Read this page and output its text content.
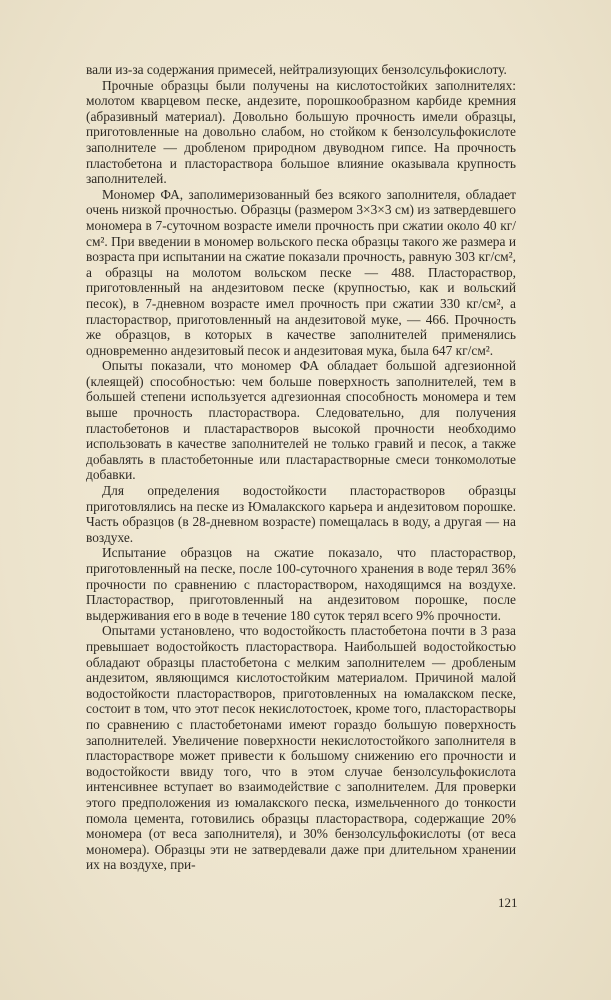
вали из-за содержания примесей, нейтрализующих бензолсульфокислоту.

Прочные образцы были получены на кислотостойких заполнителях: молотом кварцевом песке, андезите, порошкообразном карбиде кремния (абразивный материал). Довольно большую прочность имели образцы, приготовленные на довольно слабом, но стойком к бензолсульфокислоте заполнителе — дробленом природном двуводном гипсе. На прочность пластобетона и пластораствора большое влияние оказывала крупность заполнителей.

Мономер ФА, заполимеризованный без всякого заполнителя, обладает очень низкой прочностью. Образцы (размером 3×3×3 см) из затвердевшего мономера в 7-суточном возрасте имели прочность при сжатии около 40 кг/см². При введении в мономер вольского песка образцы такого же размера и возраста при испытании на сжатие показали прочность, равную 303 кг/см², а образцы на молотом вольском песке — 488. Пластораствор, приготовленный на андезитовом песке (крупностью, как и вольский песок), в 7-дневном возрасте имел прочность при сжатии 330 кг/см², а пластораствор, приготовленный на андезитовой муке, — 466. Прочность же образцов, в которых в качестве заполнителей применялись одновременно андезитовый песок и андезитовая мука, была 647 кг/см².

Опыты показали, что мономер ФА обладает большой адгезионной (клеящей) способностью: чем больше поверхность заполнителей, тем в большей степени используется адгезионная способность мономера и тем выше прочность пластораствора. Следовательно, для получения пластобетонов и пластарастворов высокой прочности необходимо использовать в качестве заполнителей не только гравий и песок, а также добавлять в пластобетонные или пластарастворные смеси тонкомолотые добавки.

Для определения водостойкости пласторастворов образцы приготовлялись на песке из Юмалакского карьера и андезитовом порошке. Часть образцов (в 28-дневном возрасте) помещалась в воду, а другая — на воздухе.

Испытание образцов на сжатие показало, что пластораствор, приготовленный на песке, после 100-суточного хранения в воде терял 36% прочности по сравнению с пластораствором, находящимся на воздухе. Пластораствор, приготовленный на андезитовом порошке, после выдерживания его в воде в течение 180 суток терял всего 9% прочности.

Опытами установлено, что водостойкость пластобетона почти в 3 раза превышает водостойкость пластораствора. Наибольшей водостойкостью обладают образцы пластобетона с мелким заполнителем — дробленым андезитом, являющимся кислотостойким материалом. Причиной малой водостойкости пласторастворов, приготовленных на юмалакском песке, состоит в том, что этот песок некислотостоек, кроме того, пласторастворы по сравнению с пластобетонами имеют гораздо большую поверхность заполнителей. Увеличение поверхности некислотостойкого заполнителя в пласторастворе может привести к большому снижению его прочности и водостойкости ввиду того, что в этом случае бензолсульфокислота интенсивнее вступает во взаимодействие с заполнителем. Для проверки этого предположения из юмалакского песка, измельченного до тонкости помола цемента, готовились образцы пластораствора, содержащие 20% мономера (от веса заполнителя), и 30% бензолсульфокислоты (от веса мономера). Образцы эти не затвердевали даже при длительном хранении их на воздухе, при-

121
